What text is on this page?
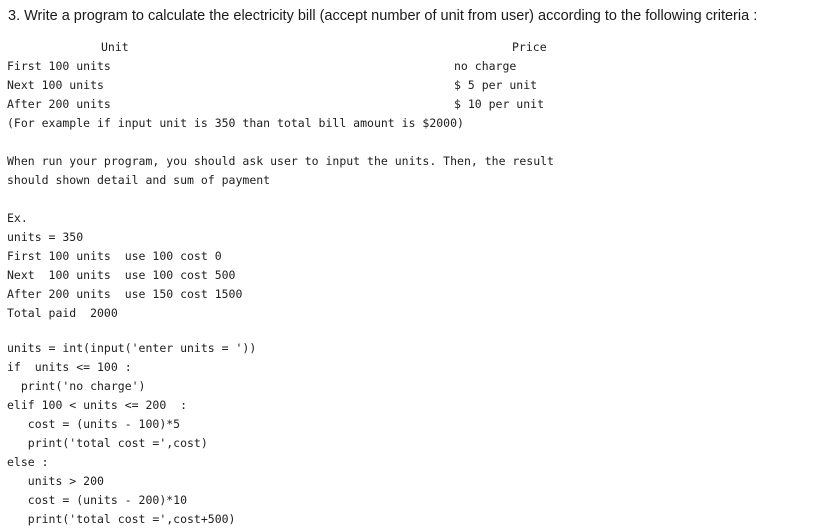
3. Write a program to calculate the electricity bill (accept number of unit from user) according to the following criteria :
Unit	Price
First 100 units	no charge
Next 100 units	$ 5 per unit
After 200 units	$ 10 per unit
(For example if input unit is 350 than total bill amount is $2000)
When run your program, you should ask user to input the units. Then, the result
should shown detail and sum of payment
Ex.
units = 350
First 100 units  use 100 cost 0
Next  100 units  use 100 cost 500
After 200 units  use 150 cost 1500
Total paid  2000
units = int(input('enter units = '))
if  units <= 100 :
print('no charge')
elif 100 < units <= 200  :
cost = (units - 100)*5
print('total cost =',cost)
else :
units > 200
cost = (units - 200)*10
print('total cost =',cost+500)
